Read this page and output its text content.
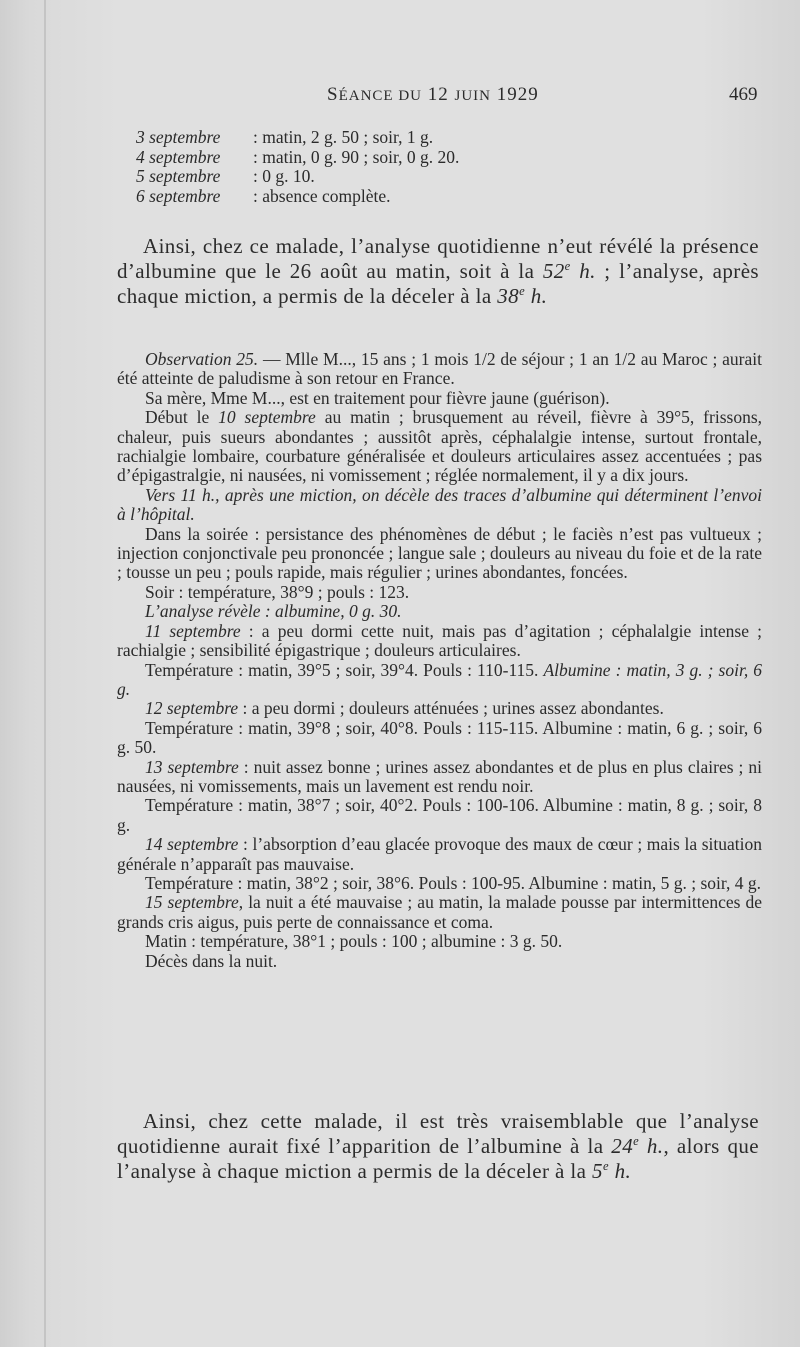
SÉANCE DU 12 JUIN 1929	469
3 septembre : matin, 2 g. 50 ; soir, 1 g.
4 septembre : matin, 0 g. 90 ; soir, 0 g. 20.
5 septembre : 0 g. 10.
6 septembre : absence complète.
Ainsi, chez ce malade, l’analyse quotidienne n’eut révélé la présence d’albumine que le 26 août au matin, soit à la 52e h. ; l’analyse, après chaque miction, a permis de la déceler à la 38e h.

Observation 25. — Mlle M..., 15 ans ; 1 mois 1/2 de séjour ; 1 an 1/2 au Maroc ; aurait été atteinte de paludisme à son retour en France.

Sa mère, Mme M..., est en traitement pour fièvre jaune (guérison).

Début le 10 septembre au matin ; brusquement au réveil, fièvre à 39°5, frissons, chaleur, puis sueurs abondantes ; aussitôt après, céphalalgie intense, surtout frontale, rachialgie lombaire, courbature généralisée et douleurs articulaires assez accentuées ; pas d’épigastralgie, ni nausées, ni vomissement ; réglée normalement, il y a dix jours.

Vers 11 h., après une miction, on décèle des traces d’albumine qui déterminent l’envoi à l’hôpital.

Dans la soirée : persistance des phénomènes de début ; le faciès n’est pas vultueux ; injection conjonctivale peu prononcée ; langue sale ; douleurs au niveau du foie et de la rate ; tousse un peu ; pouls rapide, mais régulier ; urines abondantes, foncées.

Soir : température, 38°9 ; pouls : 123.

L’analyse révèle : albumine, 0 g. 30.

11 septembre : a peu dormi cette nuit, mais pas d’agitation ; céphalalgie intense ; rachialgie ; sensibilité épigastrique ; douleurs articulaires.

Température : matin, 39°5 ; soir, 39°4. Pouls : 110-115. Albumine : matin, 3 g. ; soir, 6 g.

12 septembre : a peu dormi ; douleurs atténuées ; urines assez abondantes.

Température : matin, 39°8 ; soir, 40°8. Pouls : 115-115. Albumine : matin, 6 g. ; soir, 6 g. 50.

13 septembre : nuit assez bonne ; urines assez abondantes et de plus en plus claires ; ni nausées, ni vomissements, mais un lavement est rendu noir.

Température : matin, 38°7 ; soir, 40°2. Pouls : 100-106. Albumine : matin, 8 g. ; soir, 8 g.

14 septembre : l’absorption d’eau glacée provoque des maux de cœur ; mais la situation générale n’apparaît pas mauvaise.

Température : matin, 38°2 ; soir, 38°6. Pouls : 100-95. Albumine : matin, 5 g. ; soir, 4 g.

15 septembre, la nuit a été mauvaise ; au matin, la malade pousse par intermittences de grands cris aigus, puis perte de connaissance et coma.

Matin : température, 38°1 ; pouls : 100 ; albumine : 3 g. 50.

Décès dans la nuit.

Ainsi, chez cette malade, il est très vraisemblable que l’analyse quotidienne aurait fixé l’apparition de l’albumine à la 24e h., alors que l’analyse à chaque miction a permis de la déceler à la 5e h.
